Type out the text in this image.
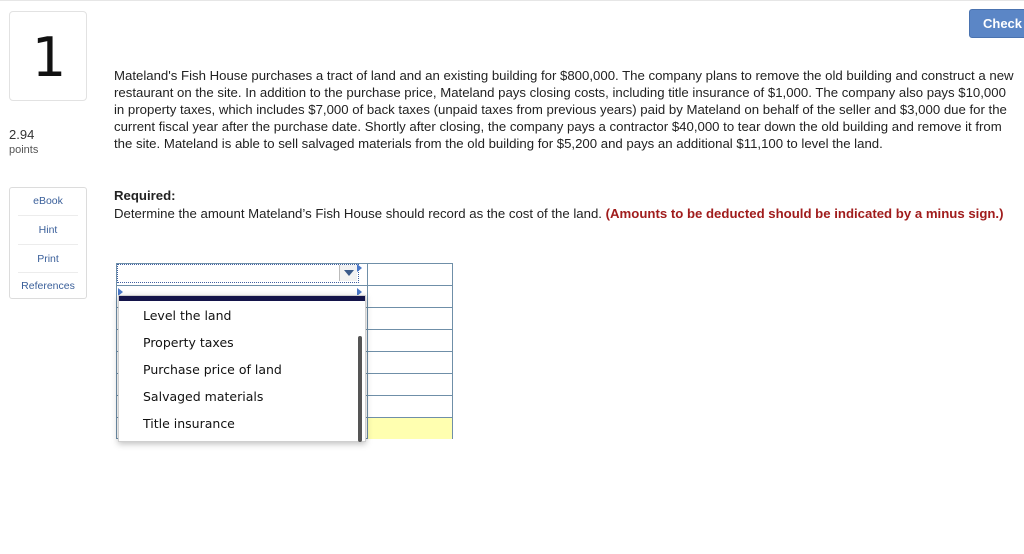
Check
1
2.94
points
eBook
Hint
Print
References
Mateland's Fish House purchases a tract of land and an existing building for $800,000. The company plans to remove the old building and construct a new restaurant on the site. In addition to the purchase price, Mateland pays closing costs, including title insurance of $1,000. The company also pays $10,000 in property taxes, which includes $7,000 of back taxes (unpaid taxes from previous years) paid by Mateland on behalf of the seller and $3,000 due for the current fiscal year after the purchase date. Shortly after closing, the company pays a contractor $40,000 to tear down the old building and remove it from the site. Mateland is able to sell salvaged materials from the old building for $5,200 and pays an additional $11,100 to level the land.
Required:
Determine the amount Mateland’s Fish House should record as the cost of the land. (Amounts to be deducted should be indicated by a minus sign.)
Level the land
Property taxes
Purchase price of land
Salvaged materials
Title insurance
